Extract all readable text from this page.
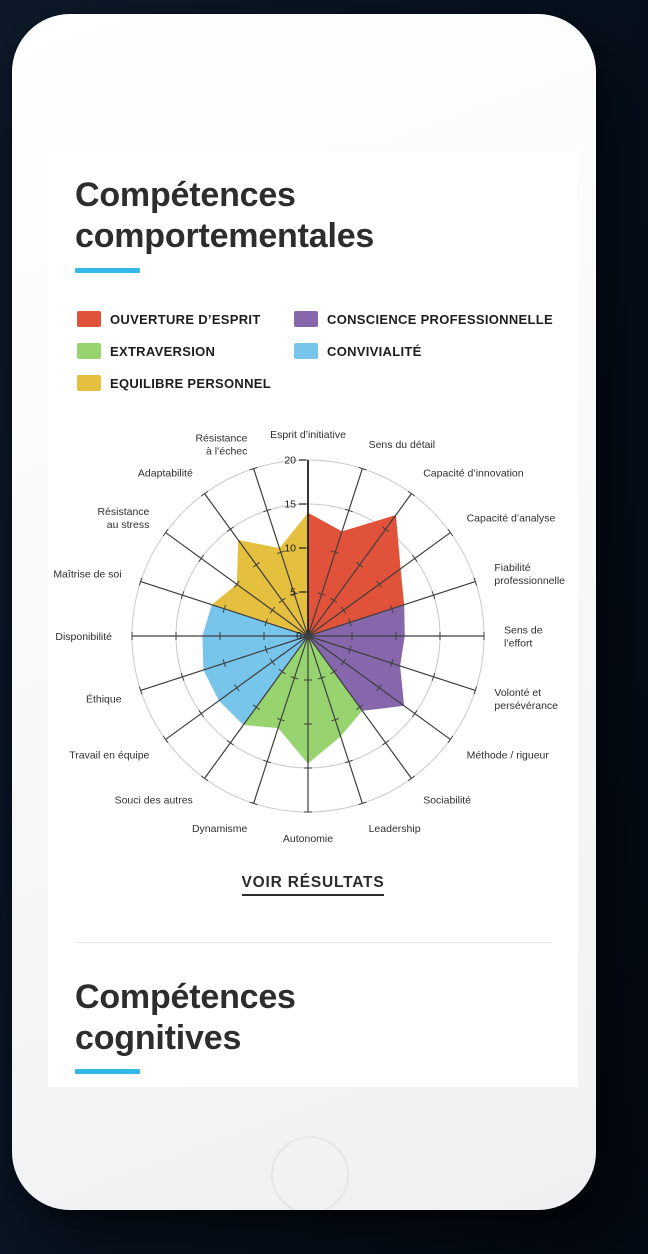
Compétences
comportementales
OUVERTURE D’ESPRIT
EXTRAVERSION
EQUILIBRE PERSONNEL
CONSCIENCE PROFESSIONNELLE
CONVIVIALITÉ
0
5
10
15
20
Esprit d’initiative
Sens du détail
Capacité d’innovation
Capacité d’analyse
Fiabilité
professionnelle
Sens de
l’effort
Volonté et
persévérance
Méthode / rigueur
Sociabilité
Leadership
Autonomie
Dynamisme
Souci des autres
Travail en équipe
Éthique
Disponibilité
Maîtrise de soi
Résistance
au stress
Adaptabilité
Résistance
à l’échec
VOIR RÉSULTATS
Compétences
cognitives
